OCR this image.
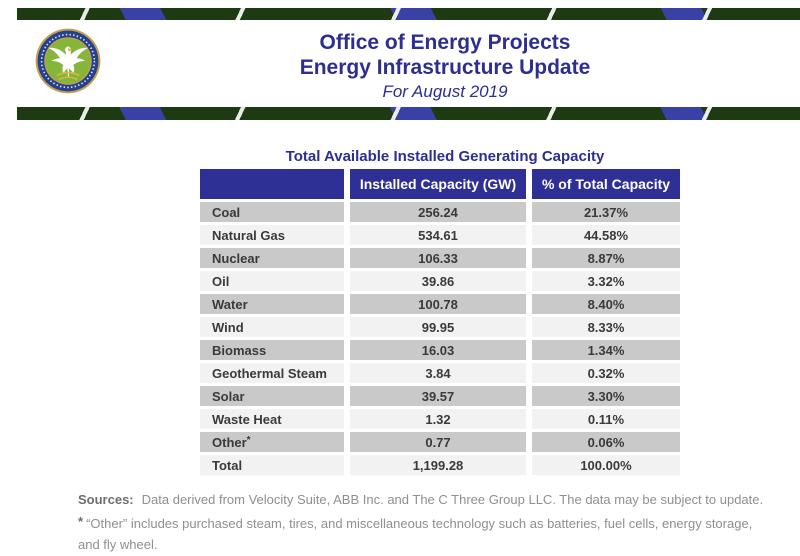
Office of Energy Projects
Energy Infrastructure Update
For August 2019
Total Available Installed Generating Capacity
	Installed Capacity (GW)	% of Total Capacity
Coal	256.24	21.37%
Natural Gas	534.61	44.58%
Nuclear	106.33	8.87%
Oil	39.86	3.32%
Water	100.78	8.40%
Wind	99.95	8.33%
Biomass	16.03	1.34%
Geothermal Steam	3.84	0.32%
Solar	39.57	3.30%
Waste Heat	1.32	0.11%
Other*	0.77	0.06%
Total	1,199.28	100.00%
Sources: Data derived from Velocity Suite, ABB Inc. and The C Three Group LLC. The data may be subject to update.
* “Other” includes purchased steam, tires, and miscellaneous technology such as batteries, fuel cells, energy storage, and fly wheel.
